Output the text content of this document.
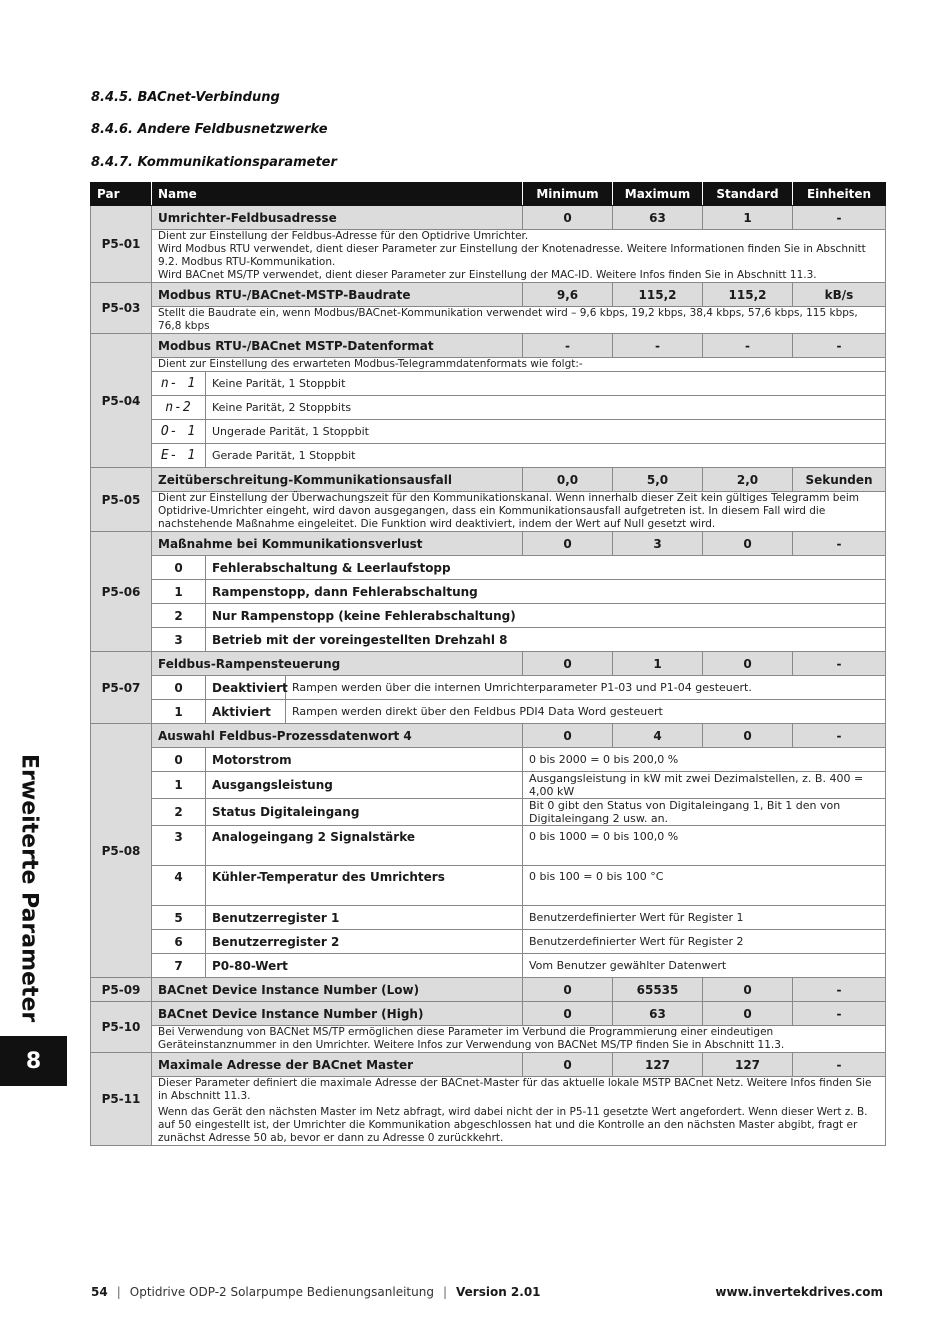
8.4.5. BACnet-Verbindung
8.4.6. Andere Feldbusnetzwerke
8.4.7. Kommunikationsparameter
Par	Name			Minimum	Maximum	Standard	Einheiten
P5-01	Umrichter-Feldbusadresse			0	63	1	-

	Dient zur Einstellung der Feldbus-Adresse für den Optidrive Umrichter.
Wird Modbus RTU verwendet, dient dieser Parameter zur Einstellung der Knotenadresse. Weitere Informationen finden Sie in Abschnitt 9.2. Modbus RTU-Kommunikation.
Wird BACnet MS/TP verwendet, dient dieser Parameter zur Einstellung der MAC-ID. Weitere Infos finden Sie in Abschnitt 11.3.						

P5-03	Modbus RTU-/BACnet-MSTP-Baudrate			9,6	115,2	115,2	kB/s
	Stellt die Baudrate ein, wenn Modbus/BACnet-Kommunikation verwendet wird – 9,6 kbps, 19,2 kbps, 38,4 kbps, 57,6 kbps, 115 kbps, 76,8 kbps						
P5-04	Modbus RTU-/BACnet MSTP-Datenformat			-	-	-	-
	Dient zur Einstellung des erwarteten Modbus-Telegrammdatenformats wie folgt:-						
	n- 1	Keine Parität, 1 Stoppbit					
	n-2	Keine Parität, 2 Stoppbits					
	O- 1	Ungerade Parität, 1 Stoppbit					
	E- 1	Gerade Parität, 1 Stoppbit					
P5-05	Zeitüberschreitung-Kommunikationsausfall			0,0	5,0	2,0	Sekunden
	Dient zur Einstellung der Überwachungszeit für den Kommunikationskanal. Wenn innerhalb dieser Zeit kein gültiges Telegramm beim Optidrive-Umrichter eingeht, wird davon ausgegangen, dass ein Kommunikationsausfall aufgetreten ist. In diesem Fall wird die nachstehende Maßnahme eingeleitet. Die Funktion wird deaktiviert, indem der Wert auf Null gesetzt wird.						
P5-06	Maßnahme bei Kommunikationsverlust			0	3	0	-
	0	Fehlerabschaltung & Leerlaufstopp					
	1	Rampenstopp, dann Fehlerabschaltung					
	2	Nur Rampenstopp (keine Fehlerabschaltung)					
	3	Betrieb mit der voreingestellten Drehzahl 8					
P5-07	Feldbus-Rampensteuerung			0	1	0	-
	0	Deaktiviert	Rampen werden über die internen Umrichterparameter P1-03 und P1-04 gesteuert.				
	1	Aktiviert	Rampen werden direkt über den Feldbus PDI4 Data Word gesteuert				
P5-08	Auswahl Feldbus-Prozessdatenwort 4			0	4	0	-
	0	Motorstrom		0 bis 2000 = 0 bis 200,0 %			
	1	Ausgangsleistung		Ausgangsleistung in kW mit zwei Dezimalstellen, z. B. 400 = 4,00 kW			
	2	Status Digitaleingang		Bit 0 gibt den Status von Digitaleingang 1, Bit 1 den von Digitaleingang 2 usw. an.			
	3	Analogeingang 2 Signalstärke		0 bis 1000 = 0 bis 100,0 %			
	4	Kühler-Temperatur des Umrichters		0 bis 100 = 0 bis 100 °C			
	5	Benutzerregister 1		Benutzerdefinierter Wert für Register 1			
	6	Benutzerregister 2		Benutzerdefinierter Wert für Register 2			
	7	P0-80-Wert		Vom Benutzer gewählter Datenwert			
P5-09	BACnet Device Instance Number (Low)			0	65535	0	-
P5-10	BACnet Device Instance Number (High)			0	63	0	-
	Bei Verwendung von BACNet MS/TP ermöglichen diese Parameter im Verbund die Programmierung einer eindeutigen Geräteinstanznummer in den Umrichter. Weitere Infos zur Verwendung von BACNet MS/TP finden Sie in Abschnitt 11.3.						
P5-11	Maximale Adresse der BACnet Master			0	127	127	-

	Dieser Parameter definiert die maximale Adresse der BACnet-Master für das aktuelle lokale MSTP BACnet Netz. Weitere Infos finden Sie in Abschnitt 11.3.
Wenn das Gerät den nächsten Master im Netz abfragt, wird dabei nicht der in P5-11 gesetzte Wert angefordert. Wenn dieser Wert z. B. auf 50 eingestellt ist, der Umrichter die Kommunikation abgeschlossen hat und die Kontrolle an den nächsten Master abgibt, fragt er zunächst Adresse 50 ab, bevor er dann zu Adresse 0 zurückkehrt.						
Erweiterte Parameter
8
54 | Optidrive ODP-2 Solarpumpe Bedienungsanleitung | Version 2.01	www.invertekdrives.com
